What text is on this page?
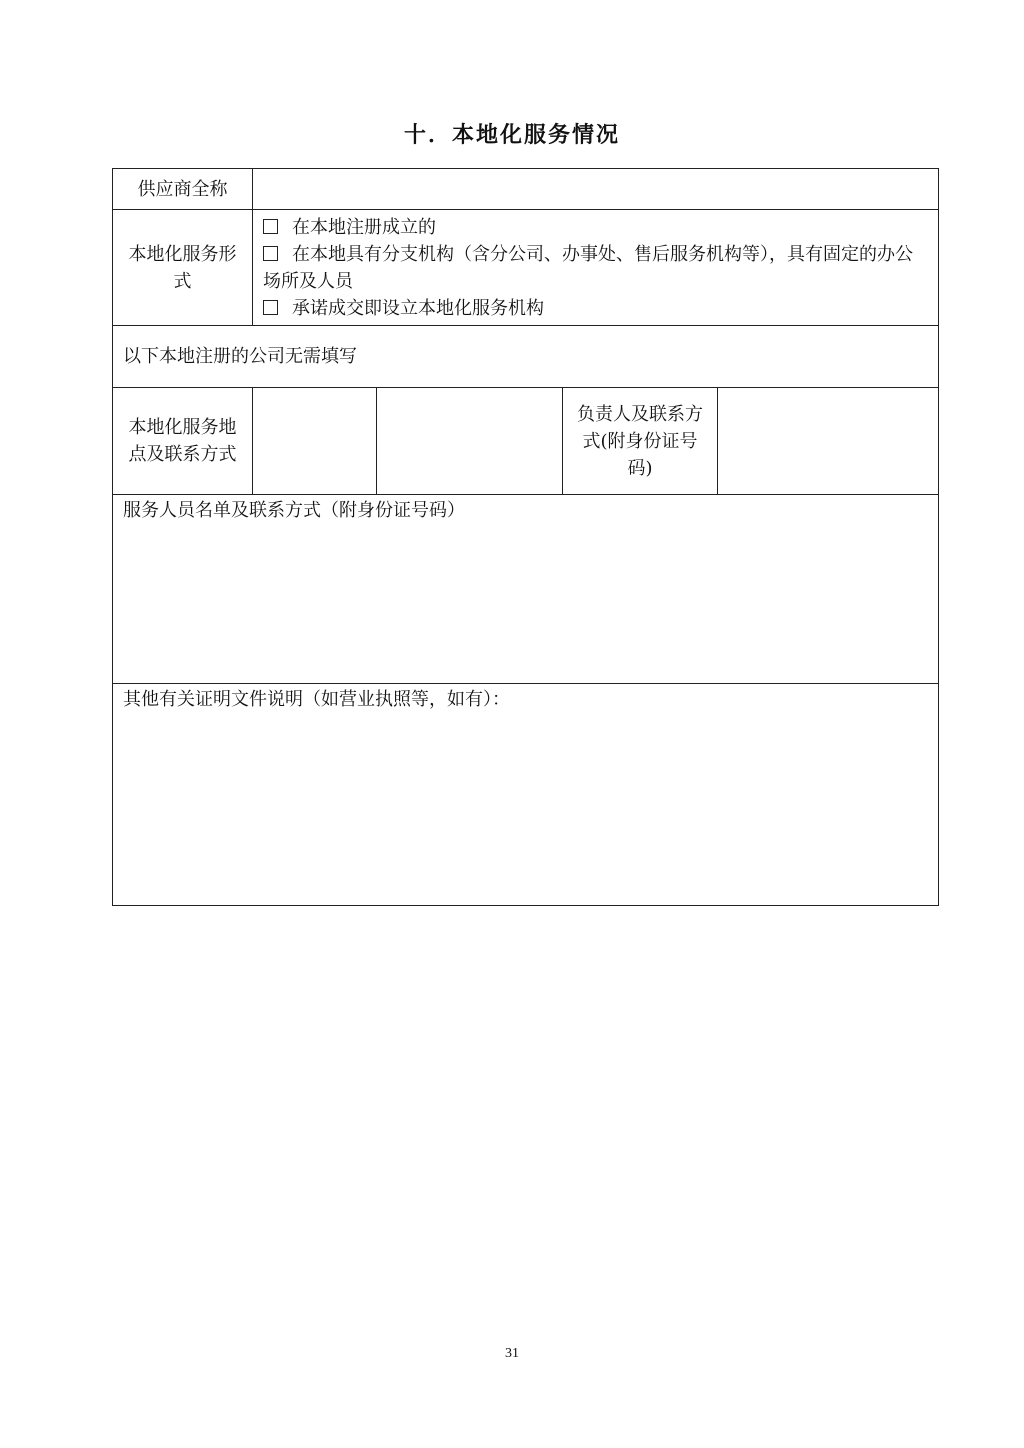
十．本地化服务情况
供应商全称				
本地化服务形式	在本地注册成立的
在本地具有分支机构（含分公司、办事处、售后服务机构等），具有固定的办公场所及人员
承诺成交即设立本地化服务机构			

以下本地注册的公司无需填写				
本地化服务地点及联系方式			负责人及联系方式(附身份证号码)	
服务人员名单及联系方式（附身份证号码）				
其他有关证明文件说明（如营业执照等，如有）：				
31
